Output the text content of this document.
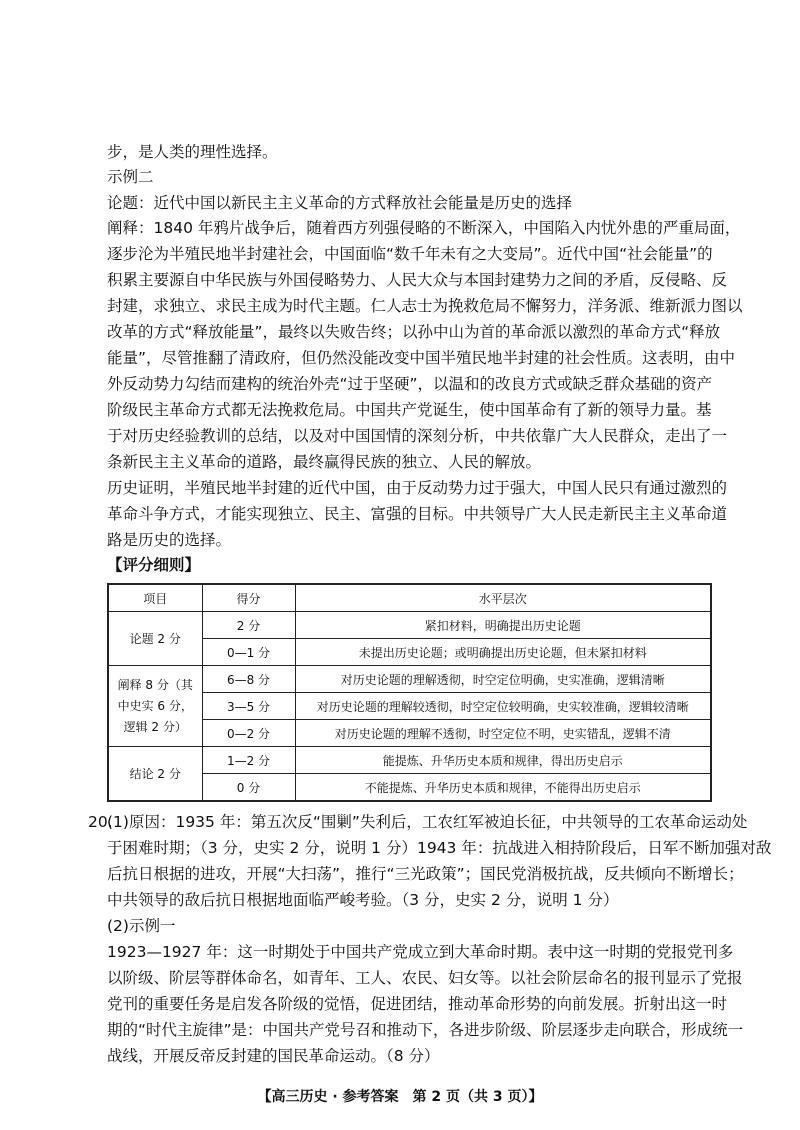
步，是人类的理性选择。
示例二
论题：近代中国以新民主主义革命的方式释放社会能量是历史的选择
阐释：1840 年鸦片战争后，随着西方列强侵略的不断深入，中国陷入内忧外患的严重局面，
逐步沦为半殖民地半封建社会，中国面临“数千年未有之大变局”。近代中国“社会能量”的
积累主要源自中华民族与外国侵略势力、人民大众与本国封建势力之间的矛盾，反侵略、反
封建，求独立、求民主成为时代主题。仁人志士为挽救危局不懈努力，洋务派、维新派力图以
改革的方式“释放能量”，最终以失败告终；以孙中山为首的革命派以激烈的革命方式“释放
能量”，尽管推翻了清政府，但仍然没能改变中国半殖民地半封建的社会性质。这表明，由中
外反动势力勾结而建构的统治外壳“过于坚硬”，以温和的改良方式或缺乏群众基础的资产
阶级民主革命方式都无法挽救危局。中国共产党诞生，使中国革命有了新的领导力量。基
于对历史经验教训的总结，以及对中国国情的深刻分析，中共依靠广大人民群众，走出了一
条新民主主义革命的道路，最终赢得民族的独立、人民的解放。
历史证明，半殖民地半封建的近代中国，由于反动势力过于强大，中国人民只有通过激烈的
革命斗争方式，才能实现独立、民主、富强的目标。中共领导广大人民走新民主主义革命道
路是历史的选择。
【评分细则】
项目	得分	水平层次
论题 2 分	2 分	紧扣材料，明确提出历史论题
	0—1 分	未提出历史论题；或明确提出历史论题，但未紧扣材料

阐释 8 分（其
中史实 6 分，
逻辑 2 分）	6—8 分	对历史论题的理解透彻，时空定位明确，史实准确，逻辑清晰
	3—5 分	对历史论题的理解较透彻，时空定位较明确，史实较准确，逻辑较清晰
	0—2 分	对历史论题的理解不透彻，时空定位不明，史实错乱，逻辑不清
结论 2 分	1—2 分	能提炼、升华历史本质和规律，得出历史启示
	0 分	不能提炼、升华历史本质和规律，不能得出历史启示
20.
(1)原因：1935 年：第五次反“围剿”失利后，工农红军被迫长征，中共领导的工农革命运动处
于困难时期；（3 分，史实 2 分，说明 1 分）1943 年：抗战进入相持阶段后，日军不断加强对敌
后抗日根据的进攻，开展“大扫荡”，推行“三光政策”；国民党消极抗战，反共倾向不断增长；
中共领导的敌后抗日根据地面临严峻考验。（3 分，史实 2 分，说明 1 分）
(2)示例一
1923—1927 年：这一时期处于中国共产党成立到大革命时期。表中这一时期的党报党刊多
以阶级、阶层等群体命名，如青年、工人、农民、妇女等。以社会阶层命名的报刊显示了党报
党刊的重要任务是启发各阶级的觉悟，促进团结，推动革命形势的向前发展。折射出这一时
期的“时代主旋律”是：中国共产党号召和推动下，各进步阶级、阶层逐步走向联合，形成统一
战线，开展反帝反封建的国民革命运动。（8 分）
【高三历史 · 参考答案　第 2 页（共 3 页）】
